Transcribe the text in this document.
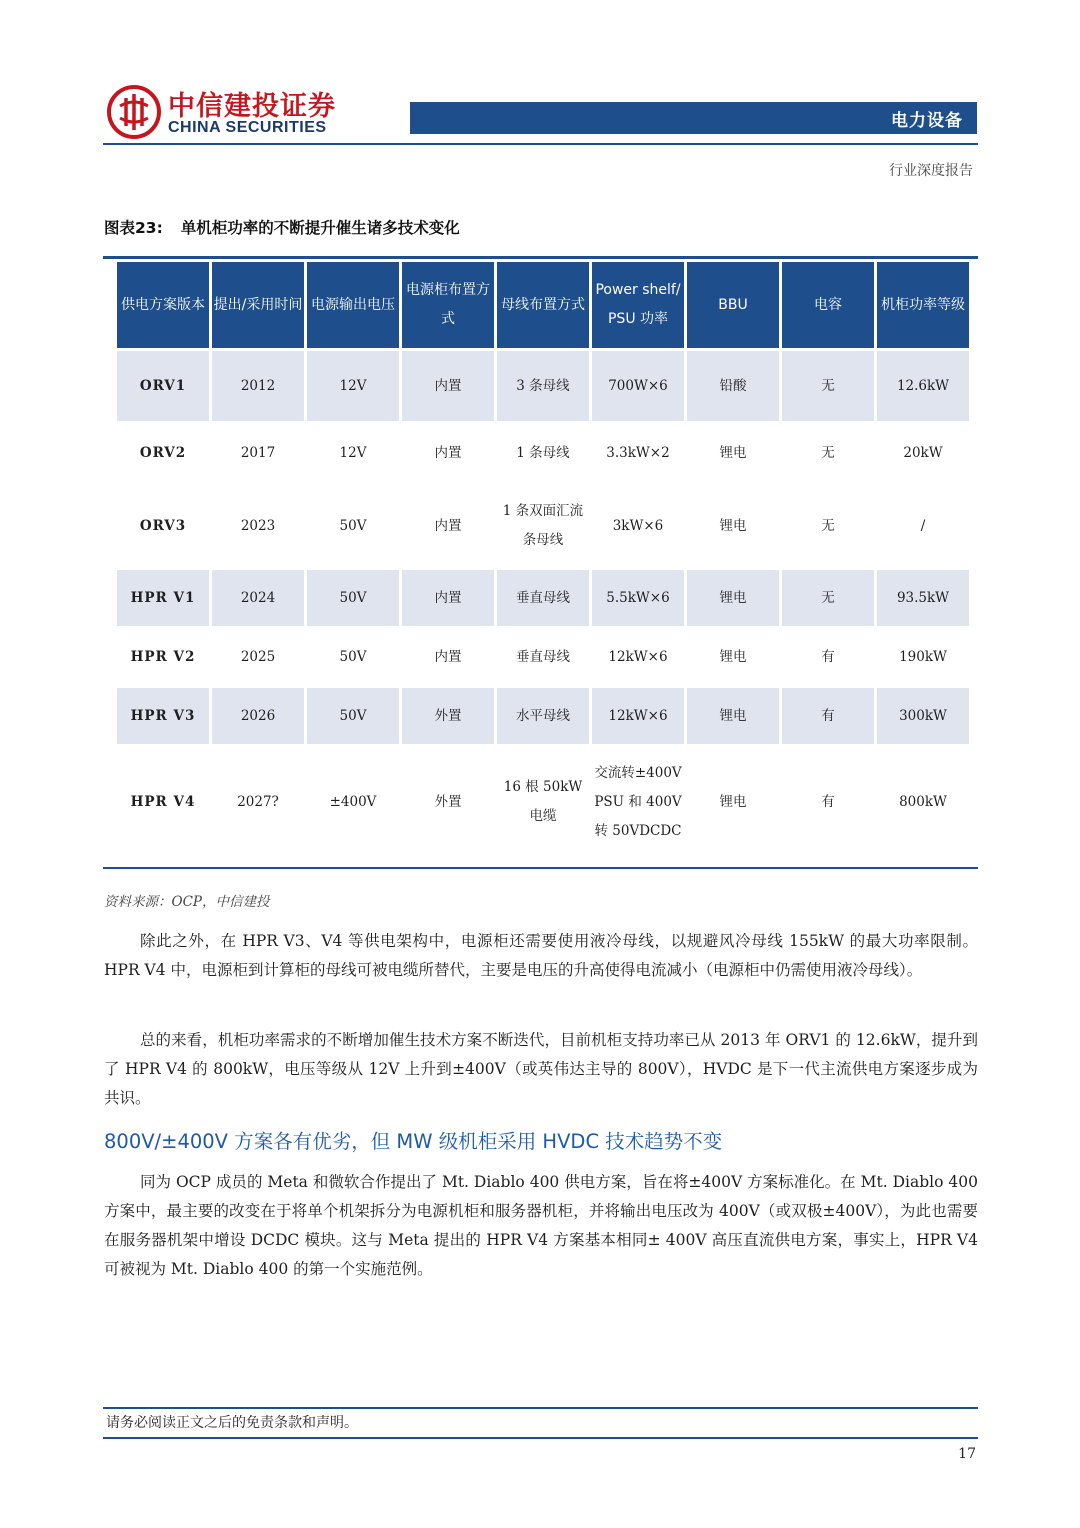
中信建投证券
CHINA SECURITIES	电力设备
行业深度报告
图表23: 单机柜功率的不断提升催生诸多技术变化
供电方案版本	提出/采用时间	电源输出电压	电源柜布置方式	母线布置方式	Power shelf/ PSU 功率	BBU	电容	机柜功率等级
ORV1	2012	12V	内置	3 条母线	700W×6	铅酸	无	12.6kW
ORV2	2017	12V	内置	1 条母线	3.3kW×2	锂电	无	20kW
ORV3	2023	50V	内置	1 条双面汇流条母线	3kW×6	锂电	无	/
HPR V1	2024	50V	内置	垂直母线	5.5kW×6	锂电	无	93.5kW
HPR V2	2025	50V	内置	垂直母线	12kW×6	锂电	有	190kW
HPR V3	2026	50V	外置	水平母线	12kW×6	锂电	有	300kW
HPR V4	2027?	±400V	外置	16 根 50kW 电缆	交流转±400V PSU 和 400V 转 50VDCDC	锂电	有	800kW
资料来源：OCP，中信建投

除此之外，在 HPR V3、V4 等供电架构中，电源柜还需要使用液冷母线，以规避风冷母线 155kW 的最大功率限制。HPR V4 中，电源柜到计算柜的母线可被电缆所替代，主要是电压的升高使得电流减小（电源柜中仍需使用液冷母线）。

总的来看，机柜功率需求的不断增加催生技术方案不断迭代，目前机柜支持功率已从 2013 年 ORV1 的 12.6kW，提升到了 HPR V4 的 800kW，电压等级从 12V 上升到±400V（或英伟达主导的 800V），HVDC 是下一代主流供电方案逐步成为共识。

800V/±400V 方案各有优劣，但 MW 级机柜采用 HVDC 技术趋势不变

同为 OCP 成员的 Meta 和微软合作提出了 Mt. Diablo 400 供电方案，旨在将±400V 方案标准化。在 Mt. Diablo 400 方案中，最主要的改变在于将单个机架拆分为电源机柜和服务器机柜，并将输出电压改为 400V（或双极±400V），为此也需要在服务器机架中增设 DCDC 模块。这与 Meta 提出的 HPR V4 方案基本相同± 400V 高压直流供电方案，事实上，HPR V4 可被视为 Mt. Diablo 400 的第一个实施范例。

请务必阅读正文之后的免责条款和声明。
17
